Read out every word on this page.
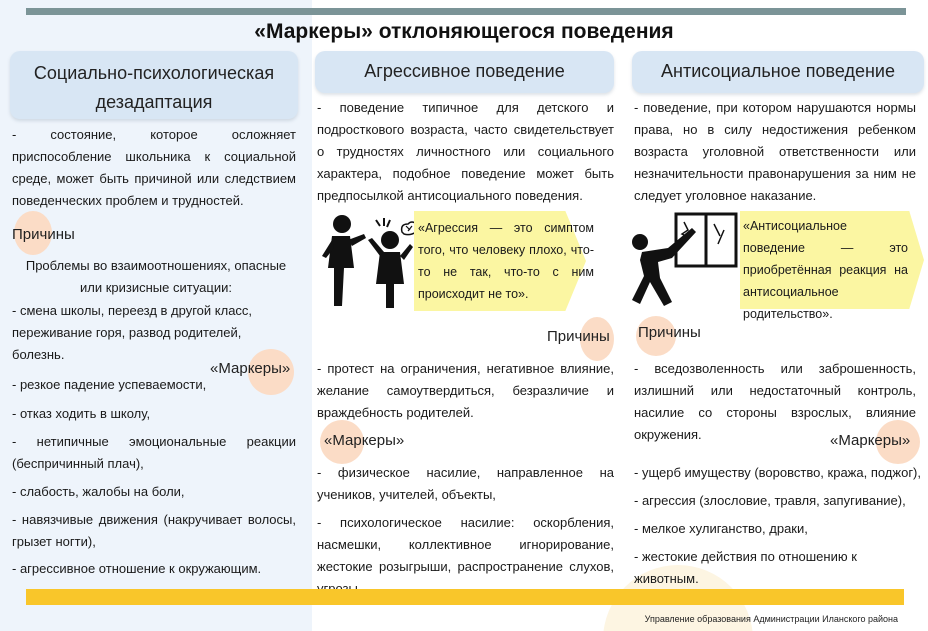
«Маркеры» отклоняющегося поведения
Социально-психологическая дезадаптация
- состояние, которое осложняет приспособление школьника к социальной среде, может быть причиной или следствием поведенческих проблем и трудностей.
Причины
Проблемы во взаимоотношениях, опасные или кризисные ситуации:
- смена школы, переезд в другой класс, переживание горя, развод родителей, болезнь.
«Маркеры»
- резкое падение успеваемости,
- отказ ходить в школу,
- нетипичные эмоциональные реакции (беспричинный плач),
- слабость, жалобы на боли,
- навязчивые движения (накручивает волосы, грызет ногти),
- агрессивное отношение к окружающим.
Агрессивное поведение
- поведение типичное для детского и подросткового возраста, часто свидетельствует о трудностях личностного или социального характера, подобное поведение может быть предпосылкой антисоциального поведения.
«Агрессия — это симптом того, что человеку плохо, что-то не так, что-то с ним происходит не то».
Причины
- протест на ограничения, негативное влияние, желание самоутвердиться, безразличие и враждебность родителей.
«Маркеры»
- физическое насилие, направленное на учеников, учителей, объекты,
- психологическое насилие: оскорбления, насмешки, коллективное игнорирование, жестокие розыгрыши, распространение слухов,
Антисоциальное поведение
- поведение, при котором нарушаются нормы права, но в силу недостижения ребенком возраста уголовной ответственности или незначительности правонарушения за ним не следует уголовное наказание.
«Антисоциальное поведение — это приобретённая реакция на антисоциальное родительство».
Причины
- вседозволенность или заброшенность, излишний или недостаточный контроль, насилие со стороны взрослых, влияние окружения.	«Маркеры»
- ущерб имуществу (воровство, кража, поджог),
- агрессия (злословие, травля, запугивание),
- мелкое хулиганство, драки,
- жестокие действия по отношению к животным.
Управление образования Администрации Иланского района
